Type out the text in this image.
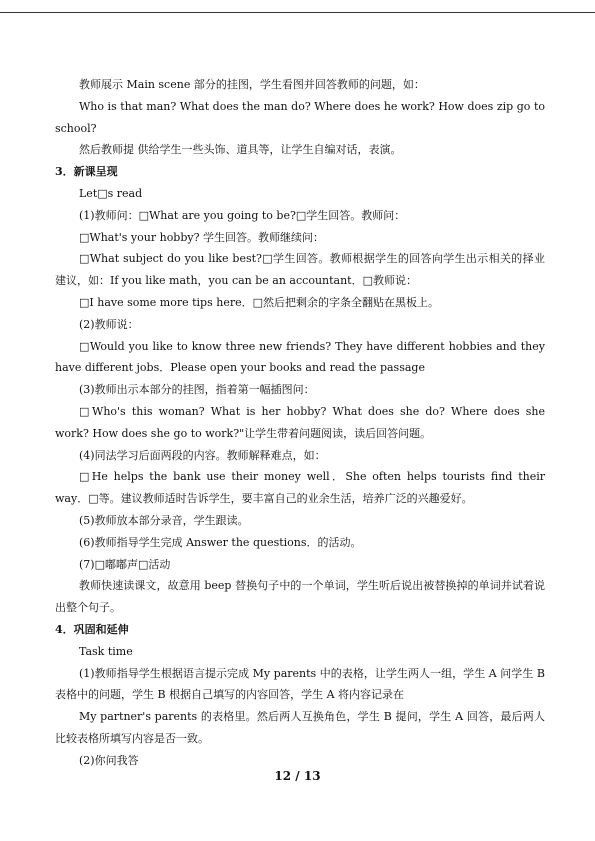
教师展示 Main scene 部分的挂图，学生看图并回答教师的问题，如：

Who is that man? What does the man do? Where does he work? How does zip go to school?

然后教师提 供给学生一些头饰、道具等，让学生自编对话，表演。

3．新课呈现

Let□s read

(1)教师问：□What are you going to be?□学生回答。教师问：

□What's your hobby? 学生回答。教师继续问：

□What subject do you like best?□学生回答。教师根据学生的回答向学生出示相关的择业建议，如：If you like math，you can be an accountant．□教师说：

□I have some more tips here．□然后把剩余的字条全翻贴在黑板上。

(2)教师说：

□Would you like to know three new friends? They have different hobbies and they have different jobs．Please open your books and read the passage

(3)教师出示本部分的挂图，指着第一幅插图问：

□Who's this woman? What is her hobby? What does she do? Where does she work? How does she go to work?"让学生带着问题阅读，读后回答问题。

(4)同法学习后面两段的内容。教师解释难点，如：

□He helps the bank use their money well．She often helps tourists find their way．□等。建议教师适时告诉学生，要丰富自己的业余生活，培养广泛的兴趣爱好。

(5)教师放本部分录音，学生跟读。

(6)教师指导学生完成 Answer the questions．的活动。

(7)□嘟嘟声□活动

教师快速读课文，故意用 beep 替换句子中的一个单词，学生听后说出被替换掉的单词并试着说出整个句子。

4．巩固和延伸

Task time

(1)教师指导学生根据语言提示完成 My parents 中的表格，让学生两人一组，学生 A 问学生 B 表格中的问题，学生 B 根据自己填写的内容回答，学生 A 将内容记录在

My partner's parents 的表格里。然后两人互换角色，学生 B 提问，学生 A 回答，最后两人比较表格所填写内容是否一致。

(2)你问我答

12 / 13
